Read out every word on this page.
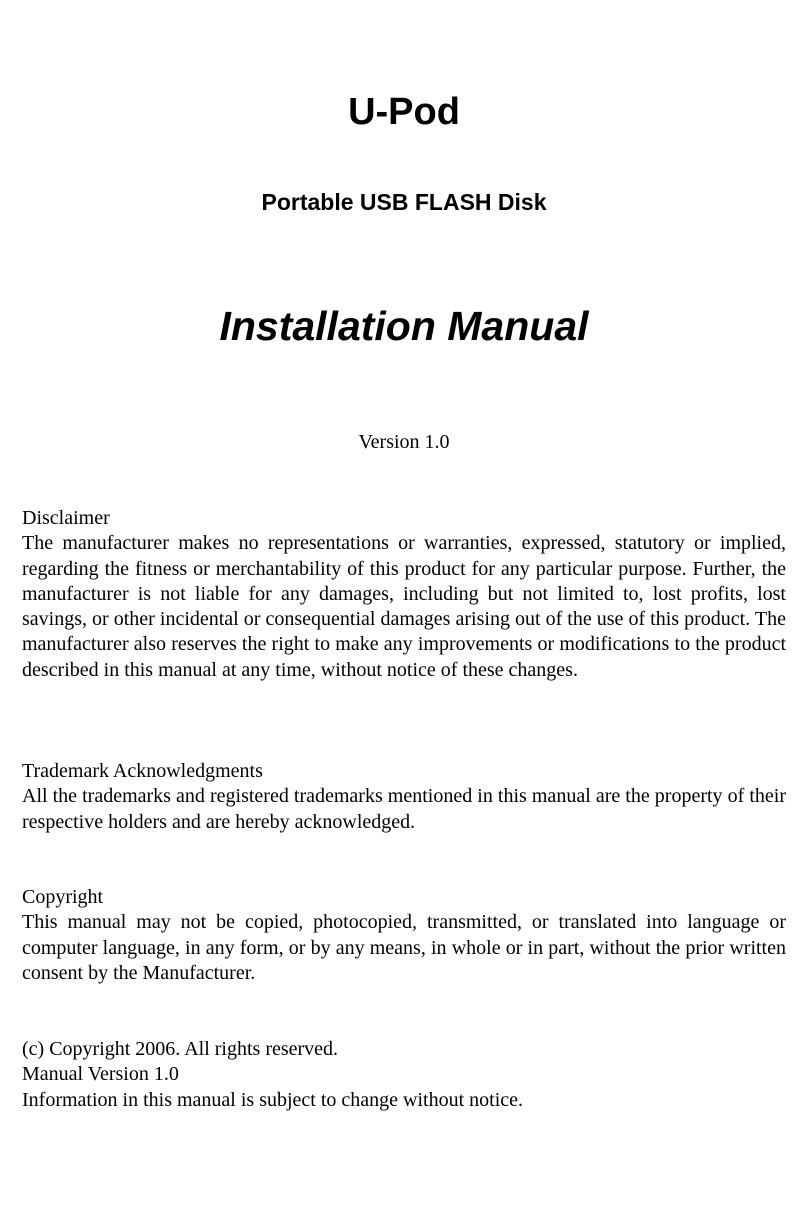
U-Pod
Portable USB FLASH Disk
Installation Manual
Version 1.0
Disclaimer
The manufacturer makes no representations or warranties, expressed, statutory or implied, regarding the fitness or merchantability of this product for any particular purpose. Further, the manufacturer is not liable for any damages, including but not limited to, lost profits, lost savings, or other incidental or consequential damages arising out of the use of this product. The manufacturer also reserves the right to make any improvements or modifications to the product described in this manual at any time, without notice of these changes.
Trademark Acknowledgments
All the trademarks and registered trademarks mentioned in this manual are the property of their respective holders and are hereby acknowledged.
Copyright
This manual may not be copied, photocopied, transmitted, or translated into language or computer language, in any form, or by any means, in whole or in part, without the prior written consent by the Manufacturer.
(c) Copyright 2006. All rights reserved.
Manual Version 1.0
Information in this manual is subject to change without notice.
